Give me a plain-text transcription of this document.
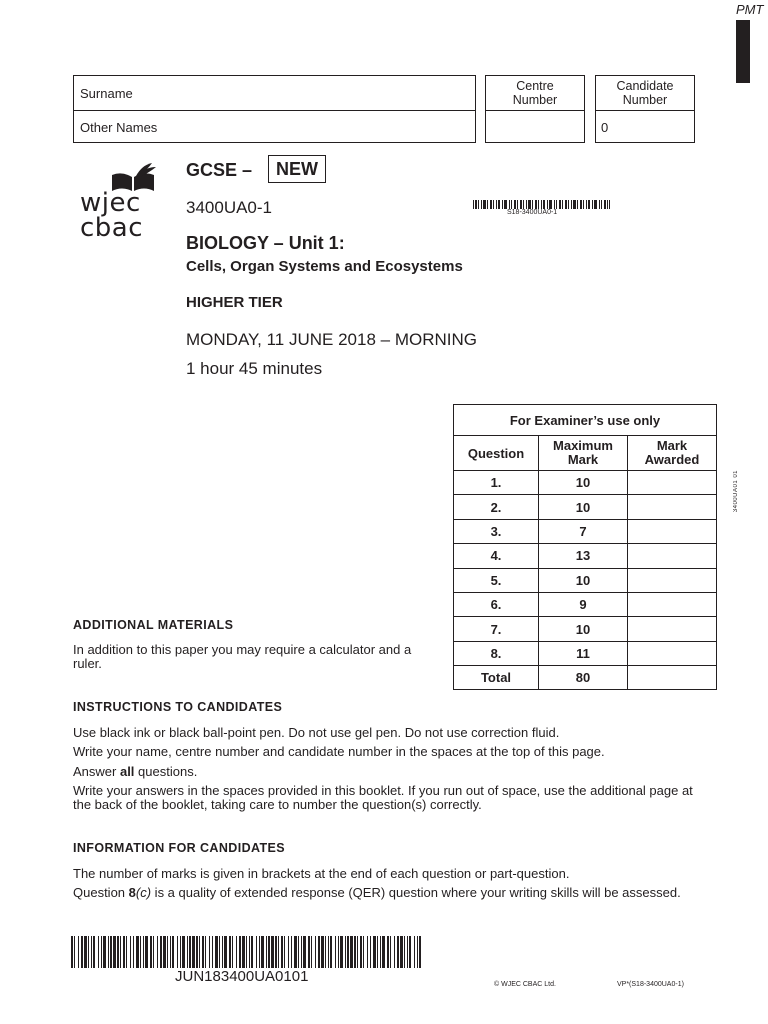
PMT
3400UA01 01
Surname
Other Names
Centre Number
Candidate Number
0
wjec
cbac
GCSE –	NEW
3400UA0-1	S18-3400UA0-1
BIOLOGY – Unit 1:
Cells, Organ Systems and Ecosystems
HIGHER TIER
MONDAY, 11 JUNE 2018 – MORNING
1 hour 45 minutes
For Examiner’s use only		
Question	Maximum Mark	Mark Awarded
1.	10	
2.	10	
3.	7	
4.	13	
5.	10	
6.	9	
7.	10	
8.	11	
Total	80	
ADDITIONAL MATERIALS
In addition to this paper you may require a calculator and a ruler.
INSTRUCTIONS TO CANDIDATES
Use black ink or black ball-point pen. Do not use gel pen. Do not use correction fluid.
Write your name, centre number and candidate number in the spaces at the top of this page.
Answer all questions.
Write your answers in the spaces provided in this booklet. If you run out of space, use the additional page at the back of the booklet, taking care to number the question(s) correctly.
INFORMATION FOR CANDIDATES
The number of marks is given in brackets at the end of each question or part-question.
Question 8(c) is a quality of extended response (QER) question where your writing skills will be assessed.
JUN183400UA0101	© WJEC CBAC Ltd.	VP*(S18-3400UA0-1)
